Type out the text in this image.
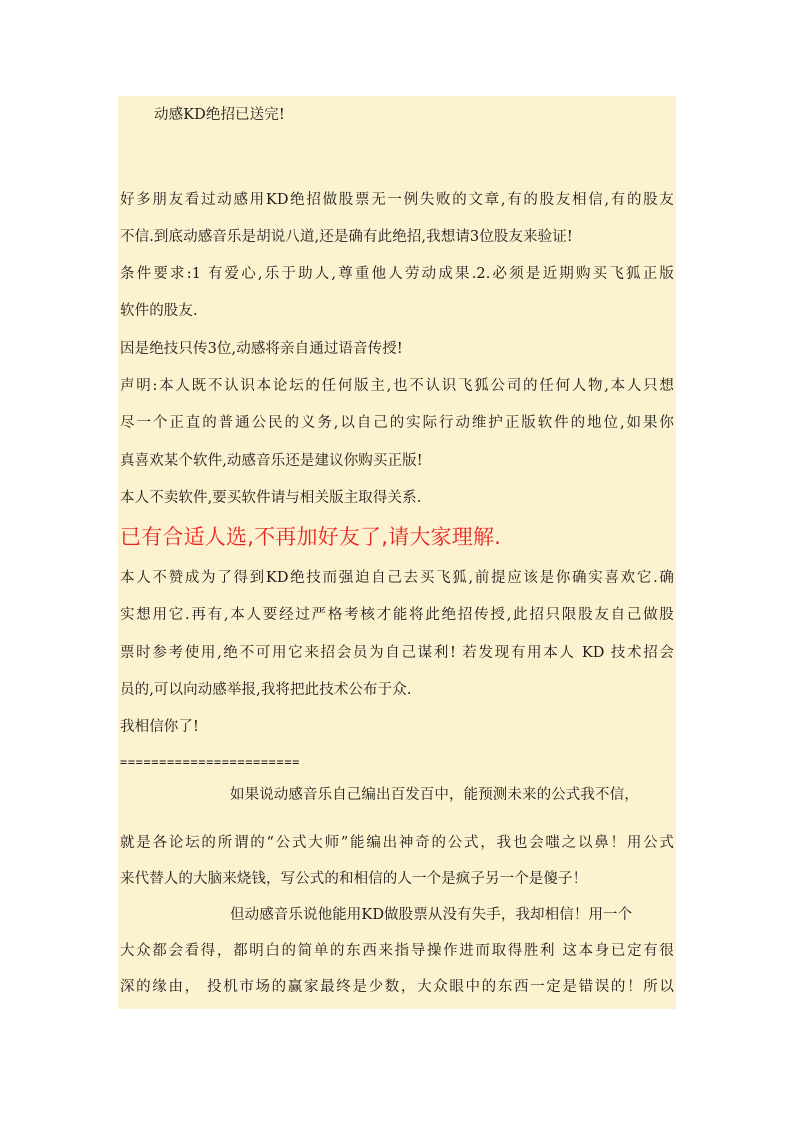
动感KD绝招已送完!
好多朋友看过动感用KD绝招做股票无一例失败的文章,有的股友相信,有的股友
不信.到底动感音乐是胡说八道,还是确有此绝招,我想请3位股友来验证!
条件要求:1 有爱心,乐于助人,尊重他人劳动成果.2.必须是近期购买飞狐正版
软件的股友.
因是绝技只传3位,动感将亲自通过语音传授!
声明:本人既不认识本论坛的任何版主,也不认识飞狐公司的任何人物,本人只想
尽一个正直的普通公民的义务,以自己的实际行动维护正版软件的地位,如果你
真喜欢某个软件,动感音乐还是建议你购买正版!
本人不卖软件,要买软件请与相关版主取得关系.
已有合适人选,不再加好友了,请大家理解.
本人不赞成为了得到KD绝技而强迫自己去买飞狐,前提应该是你确实喜欢它.确
实想用它.再有,本人要经过严格考核才能将此绝招传授,此招只限股友自己做股
票时参考使用,绝不可用它来招会员为自己谋利! 若发现有用本人 KD 技术招会
员的,可以向动感举报,我将把此技术公布于众.
我相信你了!
=======================
如果说动感音乐自己编出百发百中，能预测未来的公式我不信，
就是各论坛的所谓的“公式大师”能编出神奇的公式，我也会嗤之以鼻！用公式
来代替人的大脑来烧钱，写公式的和相信的人一个是疯子另一个是傻子！
但动感音乐说他能用KD做股票从没有失手，我却相信！用一个
大众都会看得，都明白的简单的东西来指导操作进而取得胜利 这本身已定有很
深的缘由， 投机市场的赢家最终是少数，大众眼中的东西一定是错误的！所以
